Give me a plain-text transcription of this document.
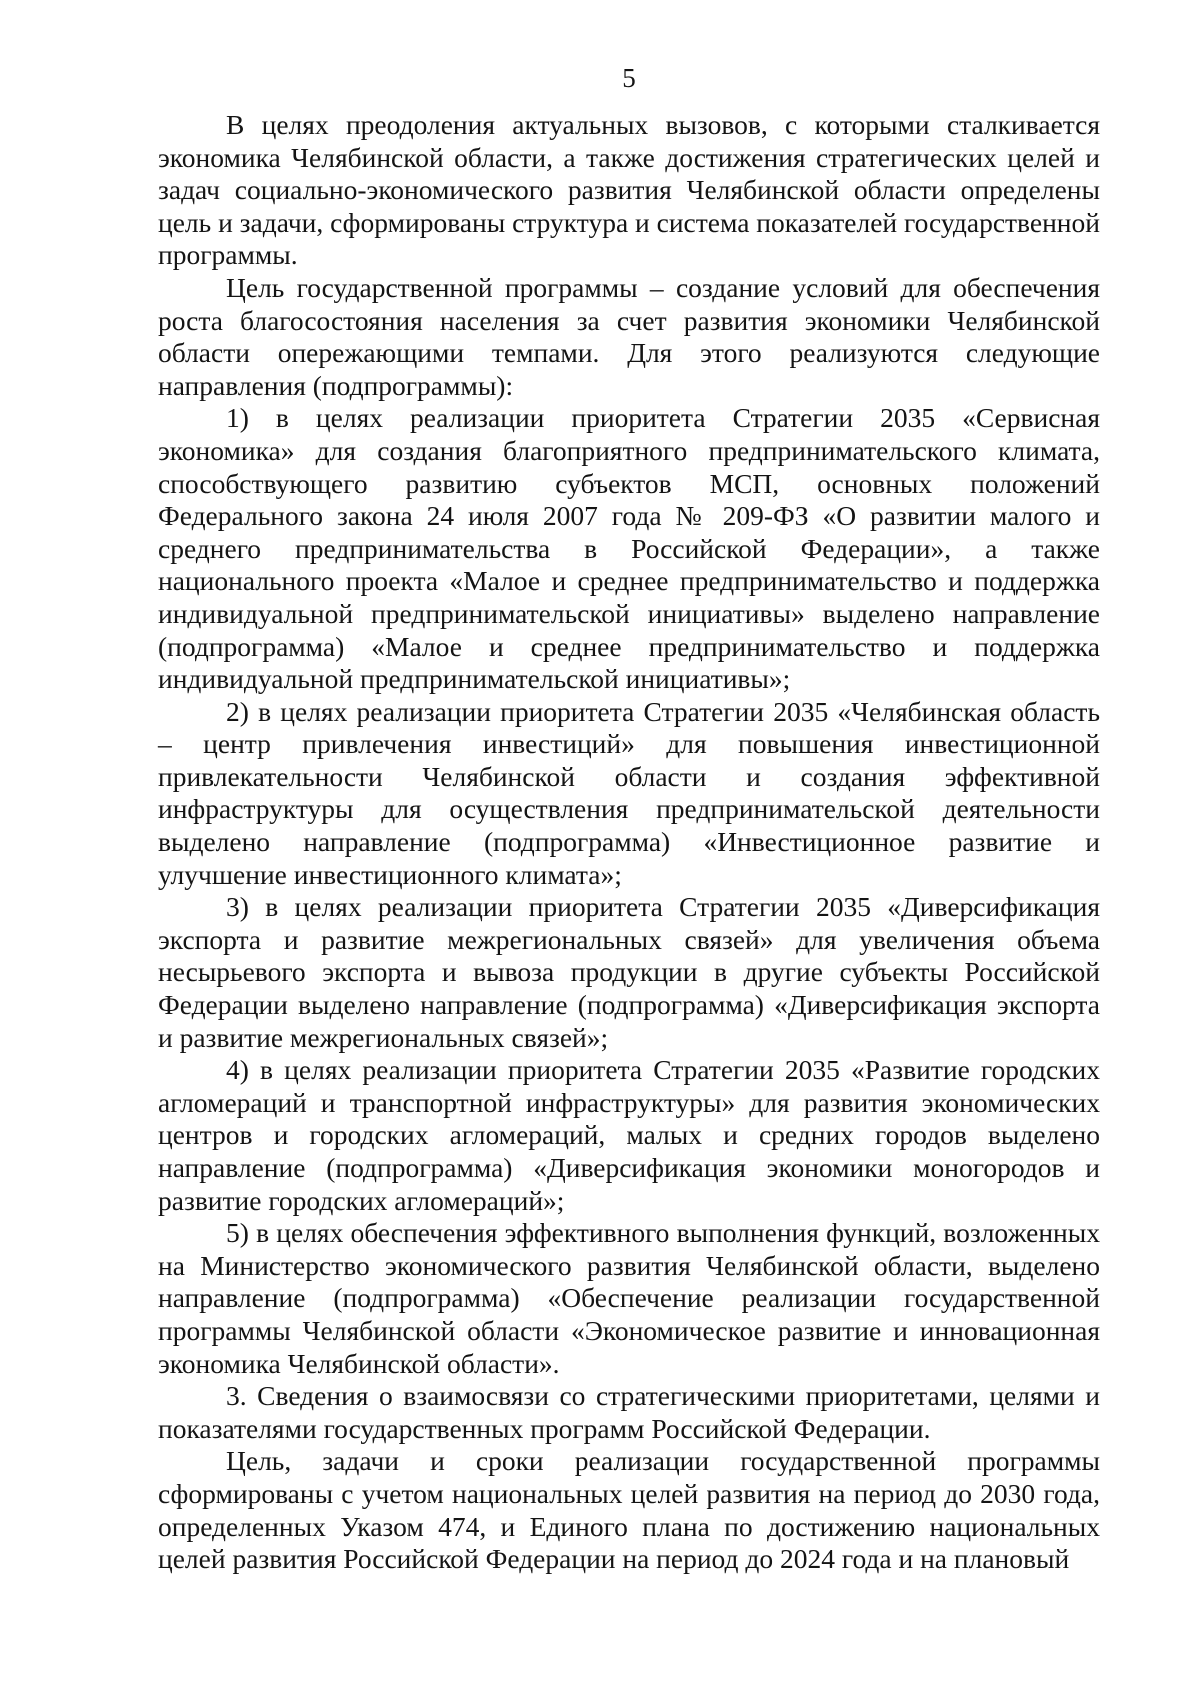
5

В целях преодоления актуальных вызовов, с которыми сталкивается экономика Челябинской области, а также достижения стратегических целей и задач социально-экономического развития Челябинской области определены цель и задачи, сформированы структура и система показателей государственной программы.

Цель государственной программы – создание условий для обеспечения роста благосостояния населения за счет развития экономики Челябинской области опережающими темпами. Для этого реализуются следующие направления (подпрограммы):

1) в целях реализации приоритета Стратегии 2035 «Сервисная экономика» для создания благоприятного предпринимательского климата, способствующего развитию субъектов МСП, основных положений Федерального закона 24 июля 2007 года № 209-ФЗ «О развитии малого и среднего предпринимательства в Российской Федерации», а также национального проекта «Малое и среднее предпринимательство и поддержка индивидуальной предпринимательской инициативы» выделено направление (подпрограмма) «Малое и среднее предпринимательство и поддержка индивидуальной предпринимательской инициативы»;

2) в целях реализации приоритета Стратегии 2035 «Челябинская область – центр привлечения инвестиций» для повышения инвестиционной привлекательности Челябинской области и создания эффективной инфраструктуры для осуществления предпринимательской деятельности выделено направление (подпрограмма) «Инвестиционное развитие и улучшение инвестиционного климата»;

3) в целях реализации приоритета Стратегии 2035 «Диверсификация экспорта и развитие межрегиональных связей» для увеличения объема несырьевого экспорта и вывоза продукции в другие субъекты Российской Федерации выделено направление (подпрограмма) «Диверсификация экспорта и развитие межрегиональных связей»;

4) в целях реализации приоритета Стратегии 2035 «Развитие городских агломераций и транспортной инфраструктуры» для развития экономических центров и городских агломераций, малых и средних городов выделено направление (подпрограмма) «Диверсификация экономики моногородов и развитие городских агломераций»;

5) в целях обеспечения эффективного выполнения функций, возложенных на Министерство экономического развития Челябинской области, выделено направление (подпрограмма) «Обеспечение реализации государственной программы Челябинской области «Экономическое развитие и инновационная экономика Челябинской области».

3. Сведения о взаимосвязи со стратегическими приоритетами, целями и показателями государственных программ Российской Федерации.

Цель, задачи и сроки реализации государственной программы сформированы с учетом национальных целей развития на период до 2030 года, определенных Указом 474, и Единого плана по достижению национальных целей развития Российской Федерации на период до 2024 года и на плановый
